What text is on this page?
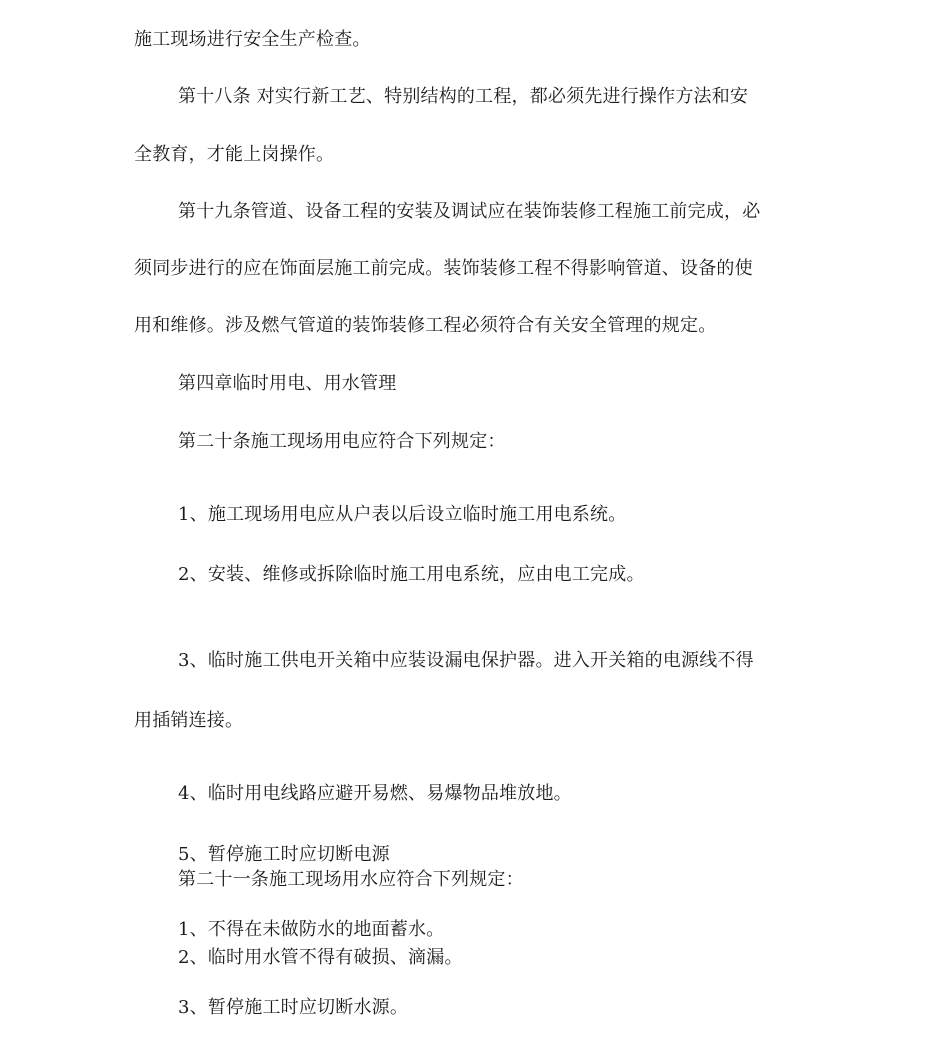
施工现场进行安全生产检查。
第十八条 对实行新工艺、特别结构的工程，都必须先进行操作方法和安
全教育，才能上岗操作。
第十九条管道、设备工程的安装及调试应在装饰装修工程施工前完成，必
须同步进行的应在饰面层施工前完成。装饰装修工程不得影响管道、设备的使
用和维修。涉及燃气管道的装饰装修工程必须符合有关安全管理的规定。
第四章临时用电、用水管理
第二十条施工现场用电应符合下列规定：
1、施工现场用电应从户表以后设立临时施工用电系统。
2、安装、维修或拆除临时施工用电系统，应由电工完成。
3、临时施工供电开关箱中应装设漏电保护器。进入开关箱的电源线不得
用插销连接。
4、临时用电线路应避开易燃、易爆物品堆放地。
5、暂停施工时应切断电源
第二十一条施工现场用水应符合下列规定：
1、不得在未做防水的地面蓄水。
2、临时用水管不得有破损、滴漏。
3、暂停施工时应切断水源。
